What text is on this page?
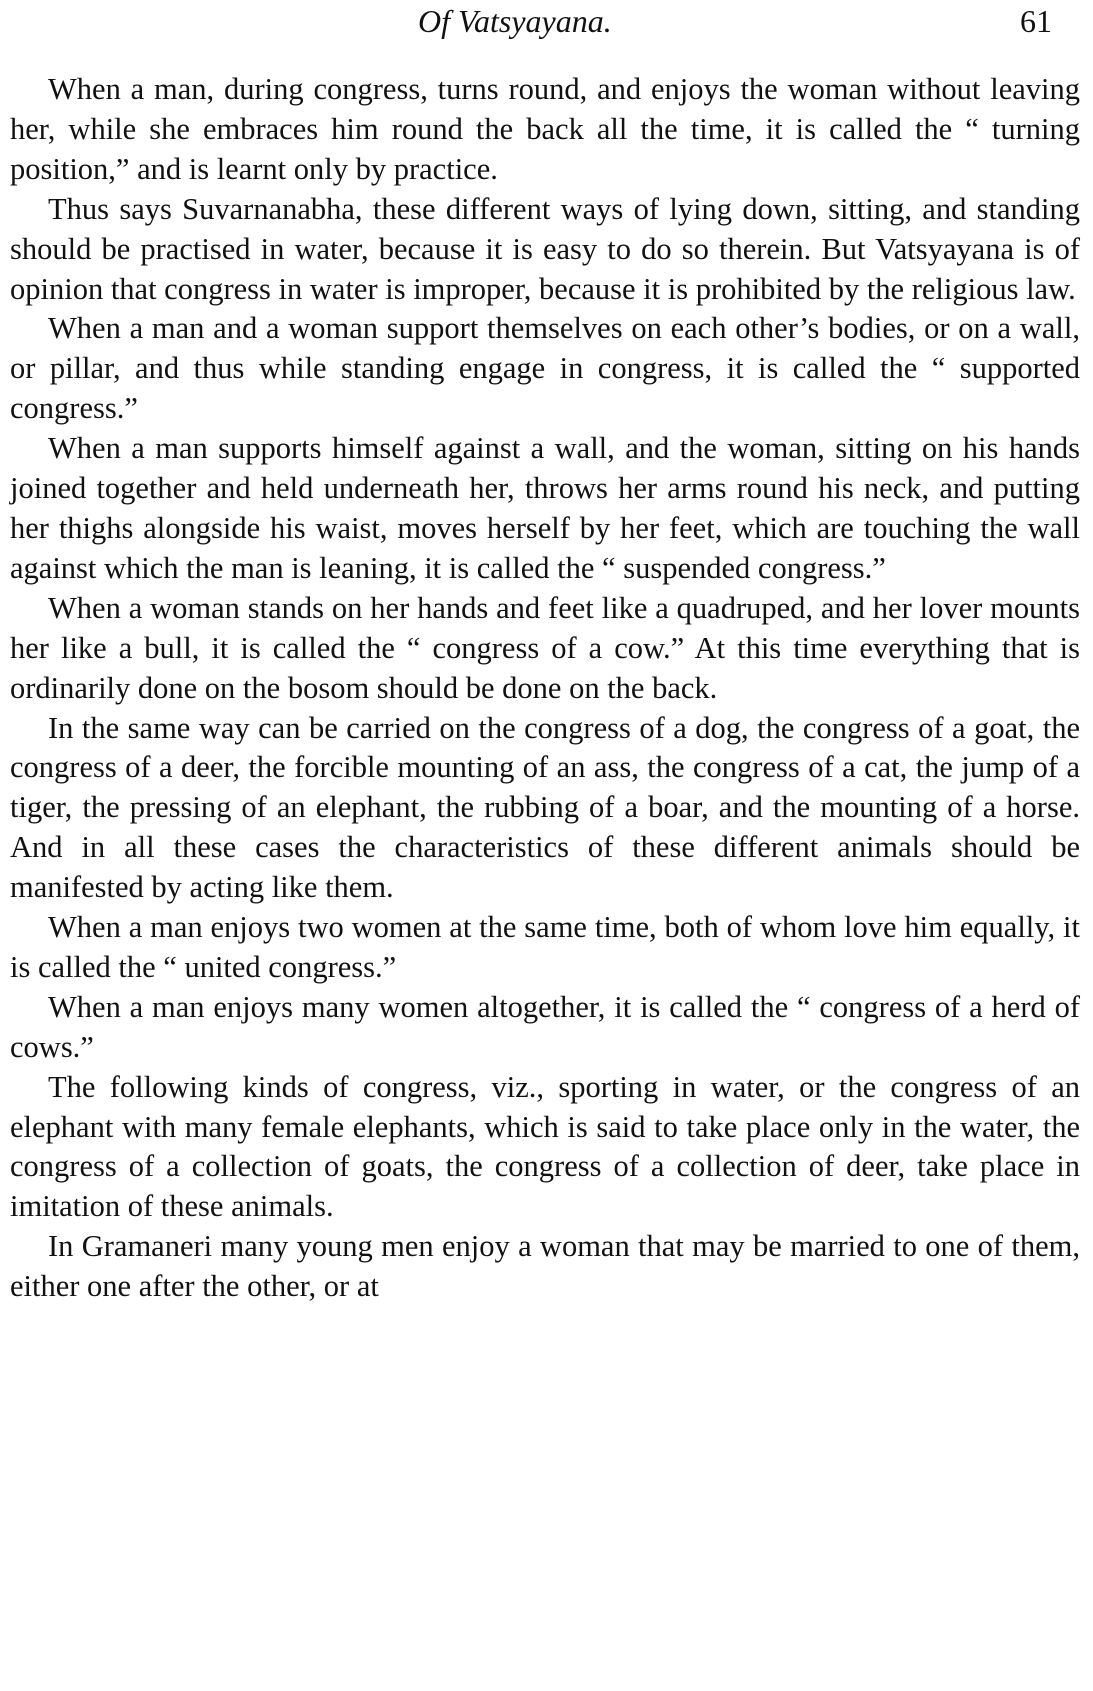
Of Vatsyayana.	61

When a man, during congress, turns round, and enjoys the woman without leaving her, while she embraces him round the back all the time, it is called the “ turning position,” and is learnt only by practice.

Thus says Suvarnanabha, these different ways of lying down, sitting, and standing should be practised in water, because it is easy to do so therein. But Vatsyayana is of opinion that congress in water is improper, because it is prohibited by the religious law.

When a man and a woman support themselves on each other’s bodies, or on a wall, or pillar, and thus while standing engage in congress, it is called the “ supported congress.”

When a man supports himself against a wall, and the woman, sitting on his hands joined together and held underneath her, throws her arms round his neck, and putting her thighs alongside his waist, moves herself by her feet, which are touching the wall against which the man is leaning, it is called the “ suspended congress.”

When a woman stands on her hands and feet like a quadruped, and her lover mounts her like a bull, it is called the “ congress of a cow.” At this time everything that is ordinarily done on the bosom should be done on the back.

In the same way can be carried on the congress of a dog, the congress of a goat, the congress of a deer, the forcible mounting of an ass, the congress of a cat, the jump of a tiger, the pressing of an elephant, the rubbing of a boar, and the mounting of a horse. And in all these cases the characteristics of these different animals should be manifested by acting like them.

When a man enjoys two women at the same time, both of whom love him equally, it is called the “ united congress.”

When a man enjoys many women altogether, it is called the “ congress of a herd of cows.”

The following kinds of congress, viz., sporting in water, or the congress of an elephant with many female elephants, which is said to take place only in the water, the congress of a collection of goats, the congress of a collection of deer, take place in imitation of these animals.

In Gramaneri many young men enjoy a woman that may be married to one of them, either one after the other, or at
